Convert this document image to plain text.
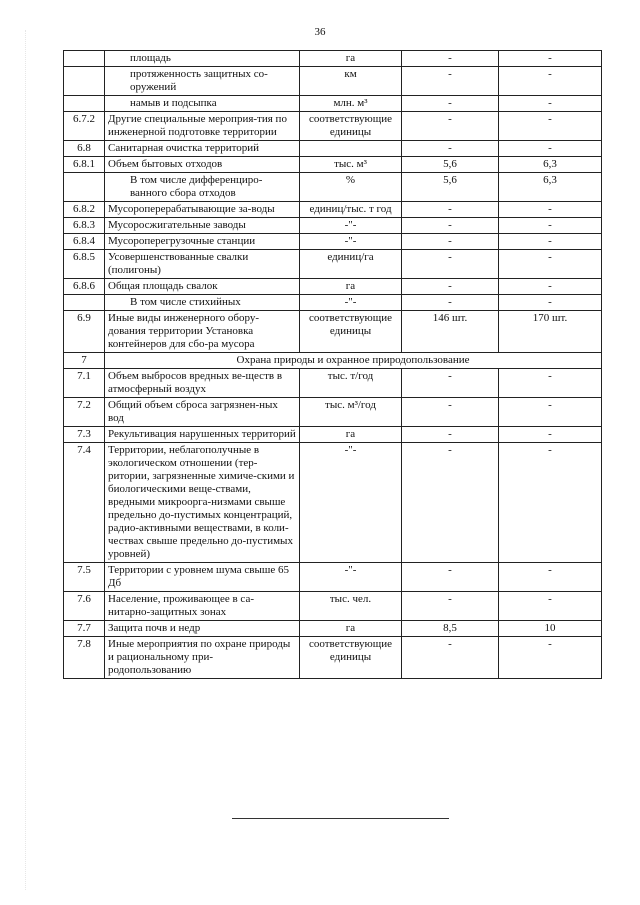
36

	площадь	га	-	-

	протяженность защитных со-оружений	км	-	-

	намыв и подсыпка	млн. м³	-	-
6.7.2	Другие специальные мероприя-тия по инженерной подготовке территории	соответствующие единицы	-	-
6.8	Санитарная очистка территорий		-	-
6.8.1	Объем бытовых отходов	тыс. м³	5,6	6,3

	В том числе дифференциро-ванного сбора отходов	%	5,6	6,3
6.8.2	Мусороперерабатывающие за-воды	единиц/тыс. т год	-	-
6.8.3	Мусоросжигательные заводы	-"-	-	-
6.8.4	Мусороперегрузочные станции	-"-	-	-
6.8.5	Усовершенствованные свалки (полигоны)	единиц/га	-	-
6.8.6	Общая площадь свалок	га	-	-

	В том числе стихийных	-"-	-	-
6.9	Иные виды инженерного обору-дования территории Установка контейнеров для сбо-ра мусора	соответствующие единицы	146 шт.	170 шт.
7	Охрана природы и охранное природопользование			
7.1	Объем выбросов вредных ве-ществ в атмосферный воздух	тыс. т/год	-	-
7.2	Общий объем сброса загрязнен-ных вод	тыс. м³/год	-	-
7.3	Рекультивация нарушенных территорий	га	-	-
7.4	Территории, неблагополучные в экологическом отношении (тер-ритории, загрязненные химиче-скими и биологическими веще-ствами, вредными микроорга-низмами свыше предельно до-пустимых концентраций, радио-активными веществами, в коли-чествах свыше предельно до-пустимых уровней)	-"-	-	-
7.5	Территории с уровнем шума свыше 65 Дб	-"-	-	-
7.6	Население, проживающее в са-нитарно-защитных зонах	тыс. чел.	-	-
7.7	Защита почв и недр	га	8,5	10
7.8	Иные мероприятия по охране природы и рациональному при-родопользованию	соответствующие единицы	-	-
